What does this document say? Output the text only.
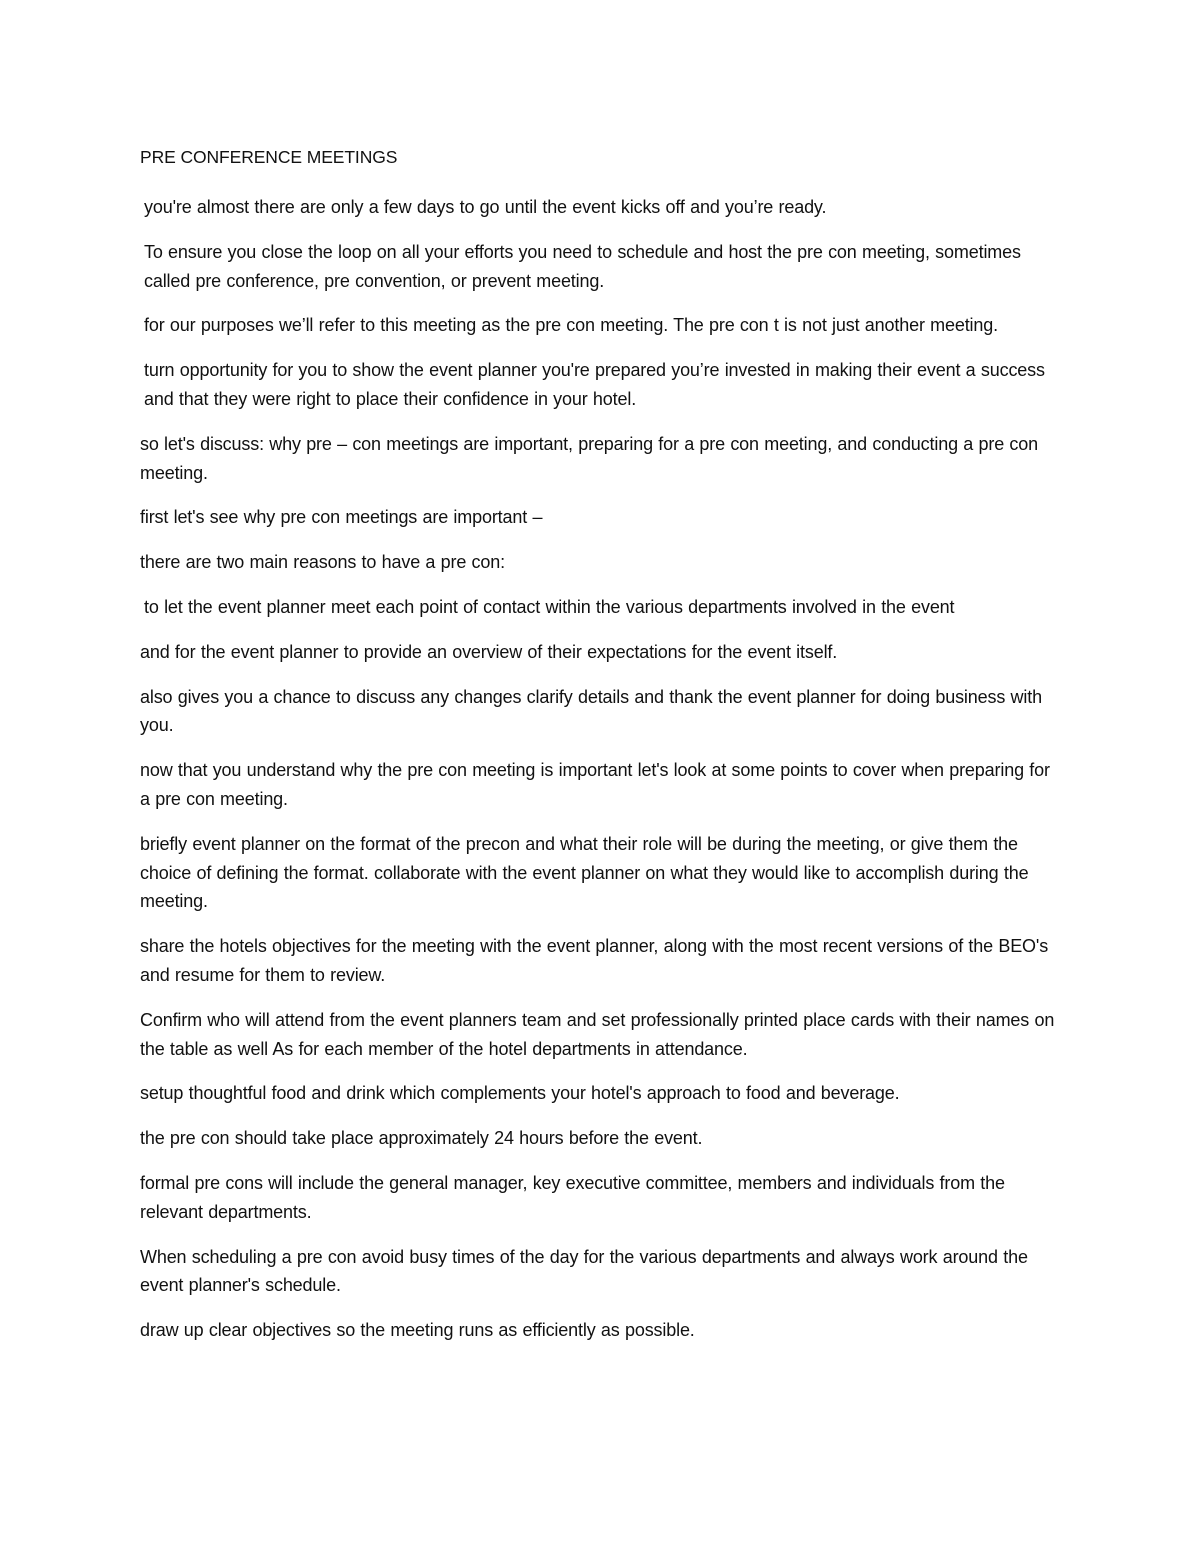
PRE CONFERENCE MEETINGS

you're almost there are only a few days to go until the event kicks off and you’re ready.

To ensure you close the loop on all your efforts you need to schedule and host the pre con meeting, sometimes called pre conference, pre convention, or prevent meeting.

for our purposes we’ll refer to this meeting as the pre con meeting. The pre con t is not just another meeting.

turn opportunity for you to show the event planner you're prepared you’re invested in making their event a success and that they were right to place their confidence in your hotel.

so let's discuss: why pre – con meetings are important, preparing for a pre con meeting, and conducting a pre con meeting.

first let's see why pre con meetings are important –

there are two main reasons to have a pre con:

to let the event planner meet each point of contact within the various departments involved in the event

and for the event planner to provide an overview of their expectations for the event itself.

also gives you a chance to discuss any changes clarify details and thank the event planner for doing business with you.

now that you understand why the pre con meeting is important let's look at some points to cover when preparing for a pre con meeting.

briefly event planner on the format of the precon and what their role will be during the meeting, or give them the choice of defining the format. collaborate with the event planner on what they would like to accomplish during the meeting.

share the hotels objectives for the meeting with the event planner, along with the most recent versions of the BEO's and resume for them to review.

Confirm who will attend from the event planners team and set professionally printed place cards with their names on the table as well As for each member of the hotel departments in attendance.

setup thoughtful food and drink which complements your hotel's approach to food and beverage.

the pre con should take place approximately 24 hours before the event.

formal pre cons will include the general manager, key executive committee, members and individuals from the relevant departments.

When scheduling a pre con avoid busy times of the day for the various departments and always work around the event planner's schedule.

draw up clear objectives so the meeting runs as efficiently as possible.
